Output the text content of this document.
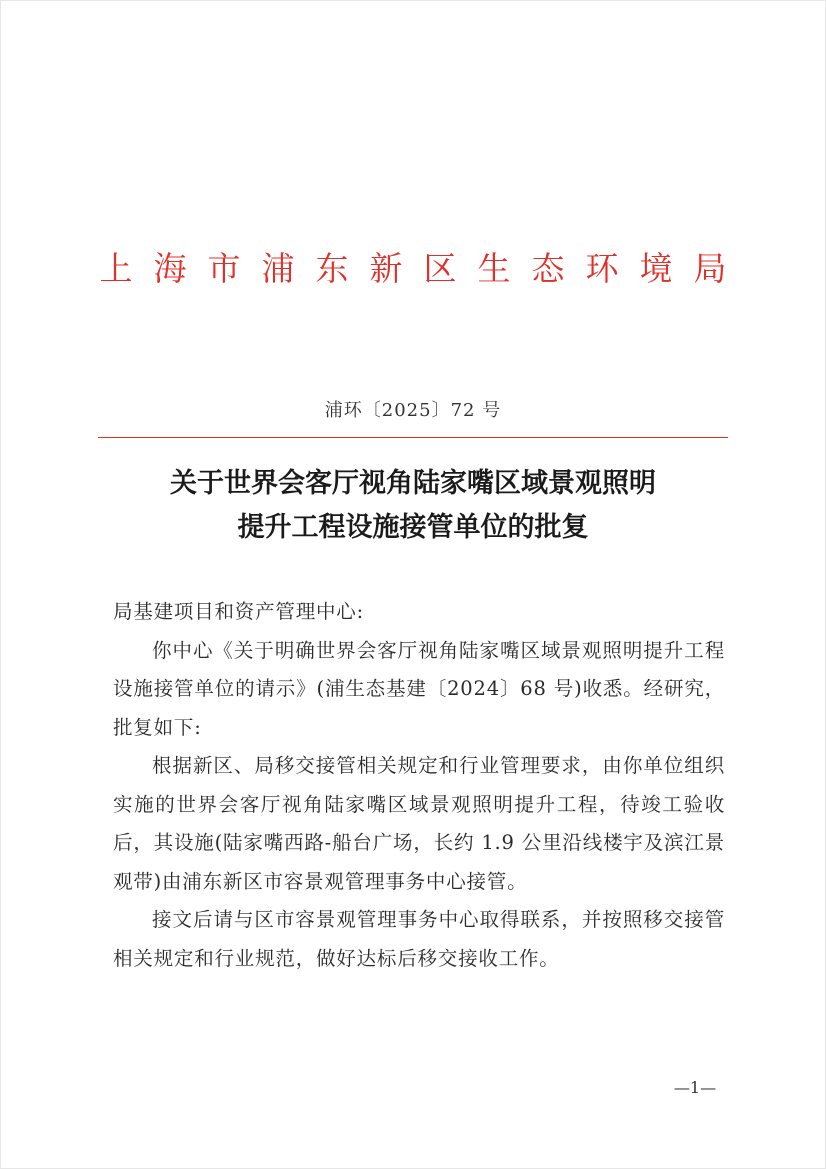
上海市浦东新区生态环境局
浦环〔2025〕72 号
关于世界会客厅视角陆家嘴区域景观照明
提升工程设施接管单位的批复

局基建项目和资产管理中心:

你中心《关于明确世界会客厅视角陆家嘴区域景观照明提升工程设施接管单位的请示》(浦生态基建〔2024〕68 号)收悉。经研究，批复如下:

根据新区、局移交接管相关规定和行业管理要求，由你单位组织实施的世界会客厅视角陆家嘴区域景观照明提升工程，待竣工验收后，其设施(陆家嘴西路-船台广场，长约 1.9 公里沿线楼宇及滨江景观带)由浦东新区市容景观管理事务中心接管。

接文后请与区市容景观管理事务中心取得联系，并按照移交接管相关规定和行业规范，做好达标后移交接收工作。

—1—
